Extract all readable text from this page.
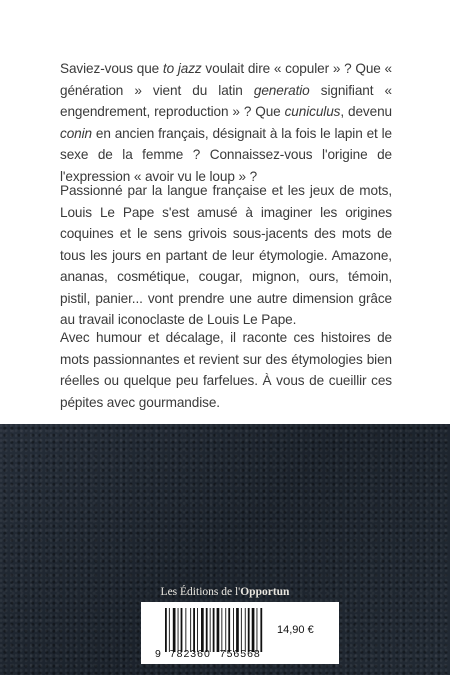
Saviez-vous que to jazz voulait dire « copuler » ? Que « génération » vient du latin generatio signifiant « engendrement, reproduction » ? Que cuniculus, devenu conin en ancien français, désignait à la fois le lapin et le sexe de la femme ? Connaissez-vous l'origine de l'expression « avoir vu le loup » ?

Passionné par la langue française et les jeux de mots, Louis Le Pape s'est amusé à imaginer les origines coquines et le sens grivois sous-jacents des mots de tous les jours en partant de leur étymologie. Amazone, ananas, cosmétique, cougar, mignon, ours, témoin, pistil, panier... vont prendre une autre dimension grâce au travail iconoclaste de Louis Le Pape.

Avec humour et décalage, il raconte ces histoires de mots passionnantes et revient sur des étymologies bien réelles ou quelque peu farfelues. À vous de cueillir ces pépites avec gourmandise.

Les Éditions de l'Opportun
9 782360 756568
14,90 €
